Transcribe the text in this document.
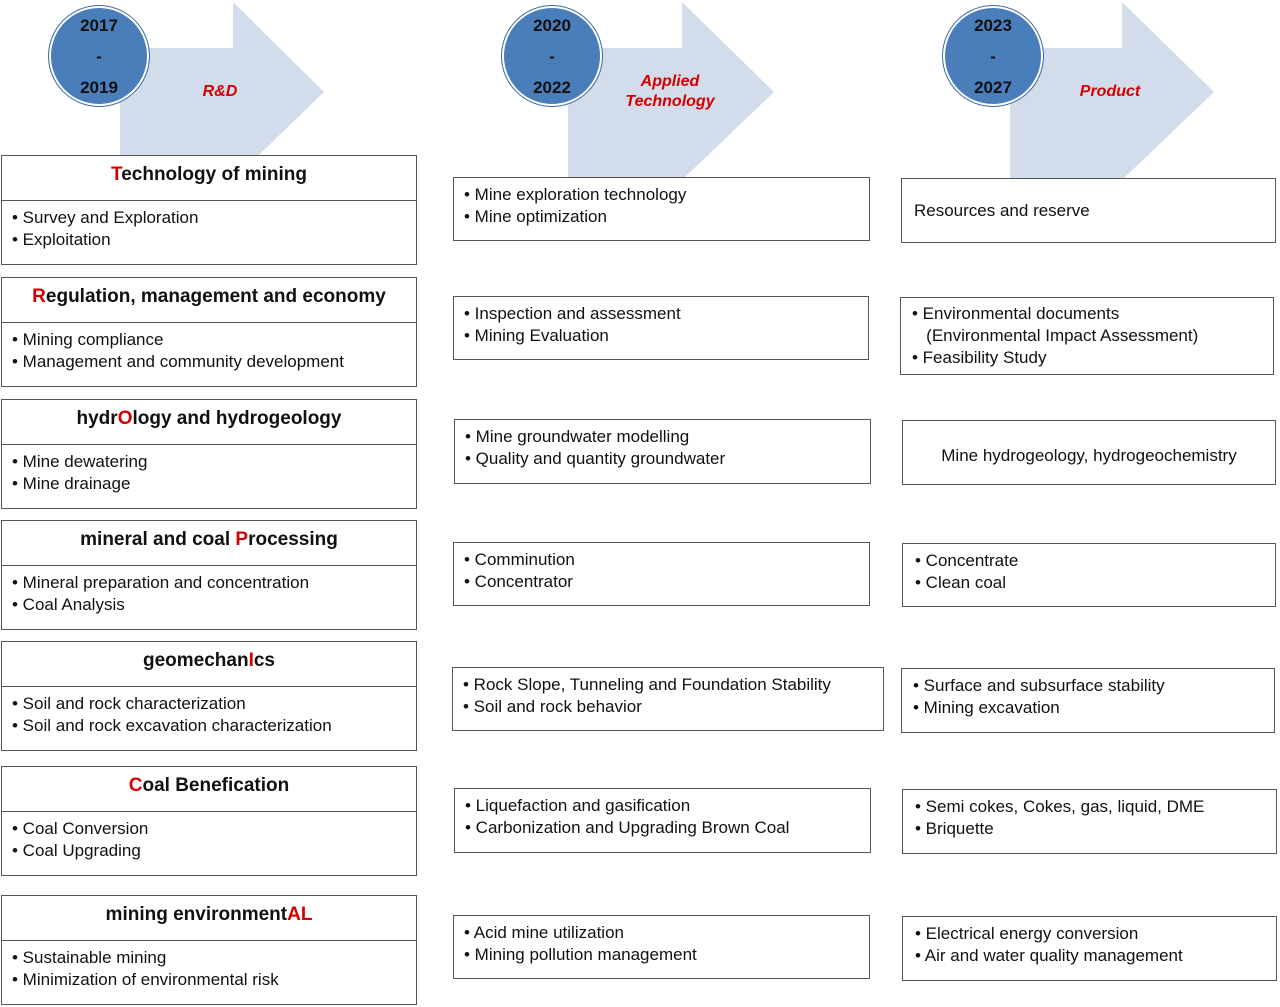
2017
-
2019
2020
-
2022
2023
-
2027
R&D
Applied
Technology
Product
Technology of mining
• Survey and Exploration
• Exploitation
Regulation, management and economy
• Mining compliance
• Management and community development
hydrOlogy and hydrogeology
• Mine dewatering
• Mine drainage
mineral and coal Processing
• Mineral preparation and concentration
• Coal Analysis
geomechanIcs
• Soil and rock characterization
• Soil and rock excavation characterization
Coal Benefication
• Coal Conversion
• Coal Upgrading
mining environmentAL
• Sustainable mining
• Minimization of environmental risk
• Mine exploration technology
• Mine optimization
• Inspection and assessment
• Mining Evaluation
• Mine groundwater modelling
• Quality and quantity groundwater
• Comminution
• Concentrator
• Rock Slope, Tunneling and Foundation Stability
• Soil and rock behavior
• Liquefaction and gasification
• Carbonization and Upgrading Brown Coal
• Acid mine utilization
• Mining pollution management
Resources and reserve
• Environmental documents
(Environmental Impact Assessment)
• Feasibility Study
Mine hydrogeology, hydrogeochemistry
• Concentrate
• Clean coal
• Surface and subsurface stability
• Mining excavation
• Semi cokes, Cokes, gas, liquid, DME
• Briquette
• Electrical energy conversion
• Air and water quality management
